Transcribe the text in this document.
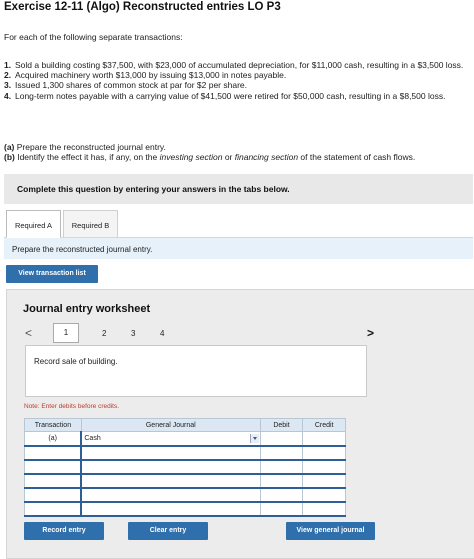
Exercise 12-11 (Algo) Reconstructed entries LO P3
For each of the following separate transactions:
1. Sold a building costing $37,500, with $23,000 of accumulated depreciation, for $11,000 cash, resulting in a $3,500 loss.
2. Acquired machinery worth $13,000 by issuing $13,000 in notes payable.
3. Issued 1,300 shares of common stock at par for $2 per share.
4. Long-term notes payable with a carrying value of $41,500 were retired for $50,000 cash, resulting in a $8,500 loss.
(a) Prepare the reconstructed journal entry.
(b) Identify the effect it has, if any, on the investing section or financing section of the statement of cash flows.
Complete this question by entering your answers in the tabs below.
Required A	Required B
Prepare the reconstructed journal entry.
View transaction list
Journal entry worksheet
<	1	2	3	4	>
Record sale of building.
Note: Enter debits before credits.
Transaction	General Journal	Debit	Credit
(a)	Cash

Record entry	Clear entry	View general journal
